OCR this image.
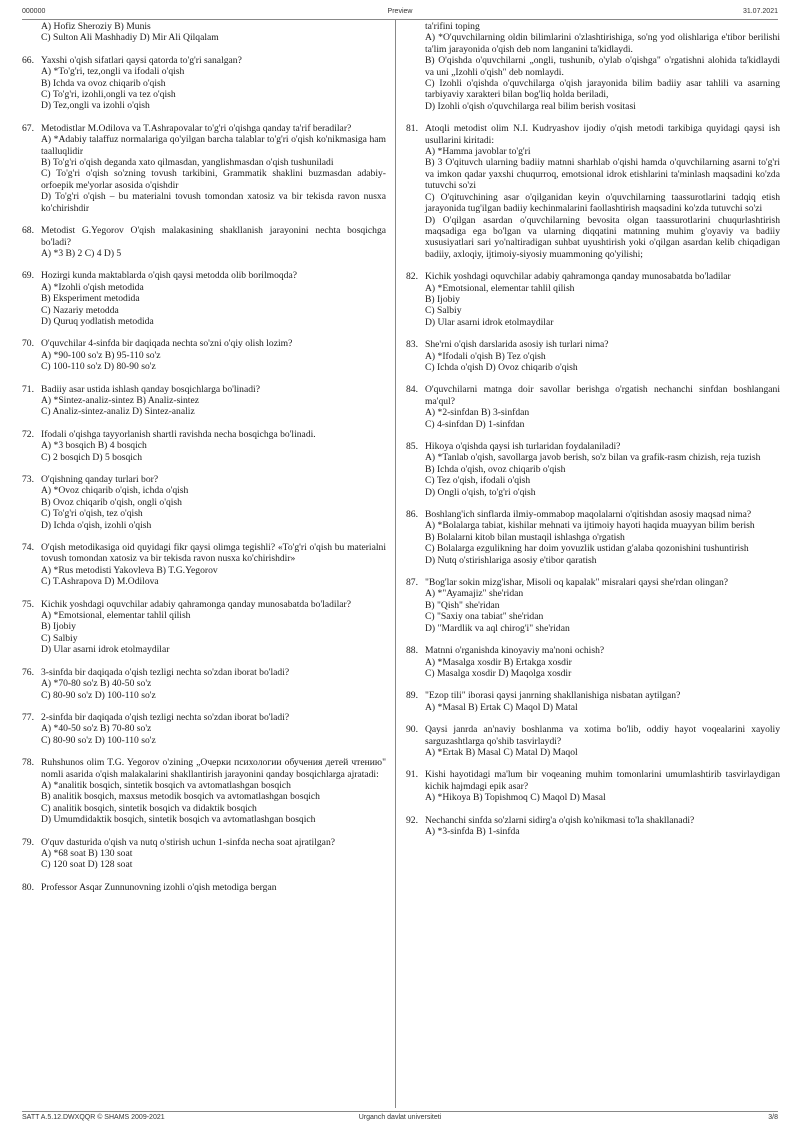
000000	Preview	31.07.2021
A) Hofiz Sheroziy B) Munis
C) Sulton Ali Mashhadiy D) Mir Ali Qilqalam
66. Yaxshi o'qish sifatlari qaysi qatorda to'g'ri sanalgan?
A) *To'g'ri, tez,ongli va ifodali o'qish
B) Ichda va ovoz chiqarib o'qish
C) To'g'ri, izohli,ongli va tez o'qish
D) Tez,ongli va izohli o'qish
67. Metodistlar M.Odilova va T.Ashrapovalar to'g'ri o'qishga qanday ta'rif beradilar?
A) *Adabiy talaffuz normalariga qo'yilgan barcha talablar to'g'ri o'qish ko'nikmasiga ham taalluqlidir
B) To'g'ri o'qish deganda xato qilmasdan, yanglishmasdan o'qish tushuniladi
C) To'g'ri o'qish so'zning tovush tarkibini, Grammatik shaklini buzmasdan adabiy-orfoepik me'yorlar asosida o'qishdir
D) To'g'ri o'qish – bu materialni tovush tomondan xatosiz va bir tekisda ravon nusxa ko'chirishdir
68. Metodist G.Yegorov O'qish malakasining shakllanish jarayonini nechta bosqichga bo'ladi?
A) *3 B) 2 C) 4 D) 5
69. Hozirgi kunda maktablarda o'qish qaysi metodda olib borilmoqda?
A) *Izohli o'qish metodida
B) Eksperiment metodida
C) Nazariy metodda
D) Quruq yodlatish metodida
70. O'quvchilar 4-sinfda bir daqiqada nechta so'zni o'qiy olish lozim?
A) *90-100 so'z B) 95-110 so'z
C) 100-110 so'z D) 80-90 so'z
71. Badiiy asar ustida ishlash qanday bosqichlarga bo'linadi?
A) *Sintez-analiz-sintez B) Analiz-sintez
C) Analiz-sintez-analiz D) Sintez-analiz
72. Ifodali o'qishga tayyorlanish shartli ravishda necha bosqichga bo'linadi.
A) *3 bosqich B) 4 bosqich
C) 2 bosqich D) 5 bosqich
73. O'qishning qanday turlari bor?
A) *Ovoz chiqarib o'qish, ichda o'qish
B) Ovoz chiqarib o'qish, ongli o'qish
C) To'g'ri o'qish, tez o'qish
D) Ichda o'qish, izohli o'qish
74. O'qish metodikasiga oid quyidagi fikr qaysi olimga tegishli? «To'g'ri o'qish bu materialni tovush tomondan xatosiz va bir tekisda ravon nusxa ko'chirishdir»
A) *Rus metodisti Yakovleva B) T.G.Yegorov
C) T.Ashrapova D) M.Odilova
75. Kichik yoshdagi oquvchilar adabiy qahramonga qanday munosabatda bo'ladilar?
A) *Emotsional, elementar tahlil qilish
B) Ijobiy
C) Salbiy
D) Ular asarni idrok etolmaydilar
76. 3-sinfda bir daqiqada o'qish tezligi nechta so'zdan iborat bo'ladi?
A) *70-80 so'z B) 40-50 so'z
C) 80-90 so'z D) 100-110 so'z
77. 2-sinfda bir daqiqada o'qish tezligi nechta so'zdan iborat bo'ladi?
A) *40-50 so'z B) 70-80 so'z
C) 80-90 so'z D) 100-110 so'z
78. Ruhshunos olim T.G. Yegorov o'zining „Очерки психологии обучения детей чтению" nomli asarida o'qish malakalarini shakllantirish jarayonini qanday bosqichlarga ajratadi:
A) *analitik bosqich, sintetik bosqich va avtomatlashgan bosqich
B) analitik bosqich, maxsus metodik bosqich va avtomatlashgan bosqich
C) analitik bosqich, sintetik bosqich va didaktik bosqich
D) Umumdidaktik bosqich, sintetik bosqich va avtomatlashgan bosqich
79. O'quv dasturida o'qish va nutq o'stirish uchun 1-sinfda nechа soat ajratilgan?
A) *68 soat B) 130 soat
C) 120 soat D) 128 soat
80. Professor Asqar Zunnunovning izohli o'qish metodiga bergan
ta'rifini toping
A) *O'quvchilarning oldin bilimlarini o'zlashtirishiga, so'ng yod olishlariga e'tibor berilishi ta'lim jarayonida o'qish deb nom langanini ta'kidlaydi.
B) O'qishda o'quvchilarni „ongli, tushunib, o'ylab o'qishga" o'rgatishni alohida ta'kidlaydi va uni „Izohli o'qish" deb nomlaydi.
C) Izohli o'qishda o'quvchilarga o'qish jarayonida bilim badiiy asar tahlili va asarning tarbiyaviy xarakteri bilan bog'liq holda beriladi,
D) Izohli o'qish o'quvchilarga real bilim berish vositasi
81. Atoqli metodist olim N.I. Kudryashov ijodiy o'qish metodi tarkibiga quyidagi qaysi ish usullarini kiritadi:
A) *Hamma javoblar to'g'ri
B) 3 O'qituvch ularning badiiy matnni sharhlab o'qishi hamda o'quvchilarning asarni to'g'ri va imkon qadar yaxshi chuqurroq, emotsional idrok etishlarini ta'minlash maqsadini ko'zda tutuvchi so'zi
C) O'qituvchining asar o'qilganidan keyin o'quvchilarning taassurotlarini tadqiq etish jarayonida tug'ilgan badiiy kechinmalarini faollashtirish maqsadini ko'zda tutuvchi so'zi
D) O'qilgan asardan o'quvchilarning bevosita olgan taassurotlarini chuqurlashtirish maqsadiga ega bo'lgan va ularning diqqatini matnning muhim g'oyaviy va badiiy xususiyatlari sari yo'naltiradigan suhbat uyushtirish yoki o'qilgan asardan kelib chiqadigan badiiy, axloqiy, ijtimoiy-siyosiy muammoning qo'yilishi;
82. Kichik yoshdagi oquvchilar adabiy qahramonga qanday munosabatda bo'ladilar
A) *Emotsional, elementar tahlil qilish
B) Ijobiy
C) Salbiy
D) Ular asarni idrok etolmaydilar
83. She'rni o'qish darslarida asosiy ish turlari nima?
A) *Ifodali o'qish B) Tez o'qish
C) Ichda o'qish D) Ovoz chiqarib o'qish
84. O'quvchilarni matnga doir savollar berishga o'rgatish nechanchi sinfdan boshlangani ma'qul?
A) *2-sinfdan B) 3-sinfdan
C) 4-sinfdan D) 1-sinfdan
85. Hikoya o'qishda qaysi ish turlaridan foydalaniladi?
A) *Tanlab o'qish, savollarga javob berish, so'z bilan va grafik-rasm chizish, reja tuzish
B) Ichda o'qish, ovoz chiqarib o'qish
C) Tez o'qish, ifodali o'qish
D) Ongli o'qish, to'g'ri o'qish
86. Boshlang'ich sinflarda ilmiy-ommabop maqolalarni o'qitishdan asosiy maqsad nima?
A) *Bolalarga tabiat, kishilar mehnati va ijtimoiy hayoti haqida muayyan bilim berish
B) Bolalarni kitob bilan mustaqil ishlashga o'rgatish
C) Bolalarga ezgulikning har doim yovuzlik ustidan g'alaba qozonishini tushuntirish
D) Nutq o'stirishlariga asosiy e'tibor qaratish
87. "Bog'lar sokin mizg'ishar, Misoli oq kapalak" misralari qaysi she'rdan olingan?
A) *"Ayamajiz" she'ridan
B) "Qish" she'ridan
C) "Saxiy ona tabiat" she'ridan
D) "Mardlik va aql chirog'i" she'ridan
88. Matnni o'rganishda kinoyaviy ma'noni ochish?
A) *Masalga xosdir B) Ertakga xosdir
C) Masalga xosdir D) Maqolga xosdir
89. "Ezop tili" iborasi qaysi janrning shakllanishiga nisbatan aytilgan?
A) *Masal B) Ertak C) Maqol D) Matal
90. Qaysi janrda an'naviy boshlanma va xotima bo'lib, oddiy hayot voqealarini xayoliy sarguzashtlarga qo'shib tasvirlaydi?
A) *Ertak B) Masal C) Matal D) Maqol
91. Kishi hayotidagi ma'lum bir voqeaning muhim tomonlarini umumlashtirib tasvirlaydigan kichik hajmdagi epik asar?
A) *Hikoya B) Topishmoq C) Maqol D) Masal
92. Nechanchi sinfda so'zlarni sidirg'a o'qish ko'nikmasi to'la shakllanadi?
A) *3-sinfda B) 1-sinfda
SATT A.5.12.DWXQQR © SHAMS 2009-2021	Urganch davlat universiteti	3/8
